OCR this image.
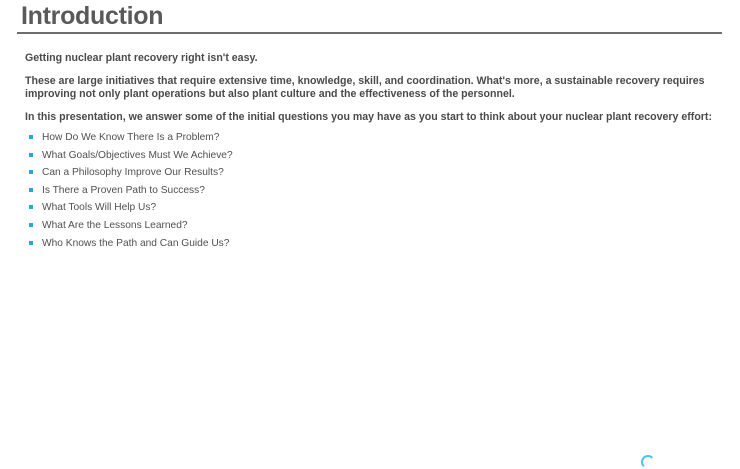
Introduction

Getting nuclear plant recovery right isn't easy.

These are large initiatives that require extensive time, knowledge, skill, and coordination. What's more, a sustainable recovery requires improving not only plant operations but also plant culture and the effectiveness of the personnel.

In this presentation, we answer some of the initial questions you may have as you start to think about your nuclear plant recovery effort:

How Do We Know There Is a Problem?
What Goals/Objectives Must We Achieve?
Can a Philosophy Improve Our Results?
Is There a Proven Path to Success?
What Tools Will Help Us?
What Are the Lessons Learned?
Who Knows the Path and Can Guide Us?
